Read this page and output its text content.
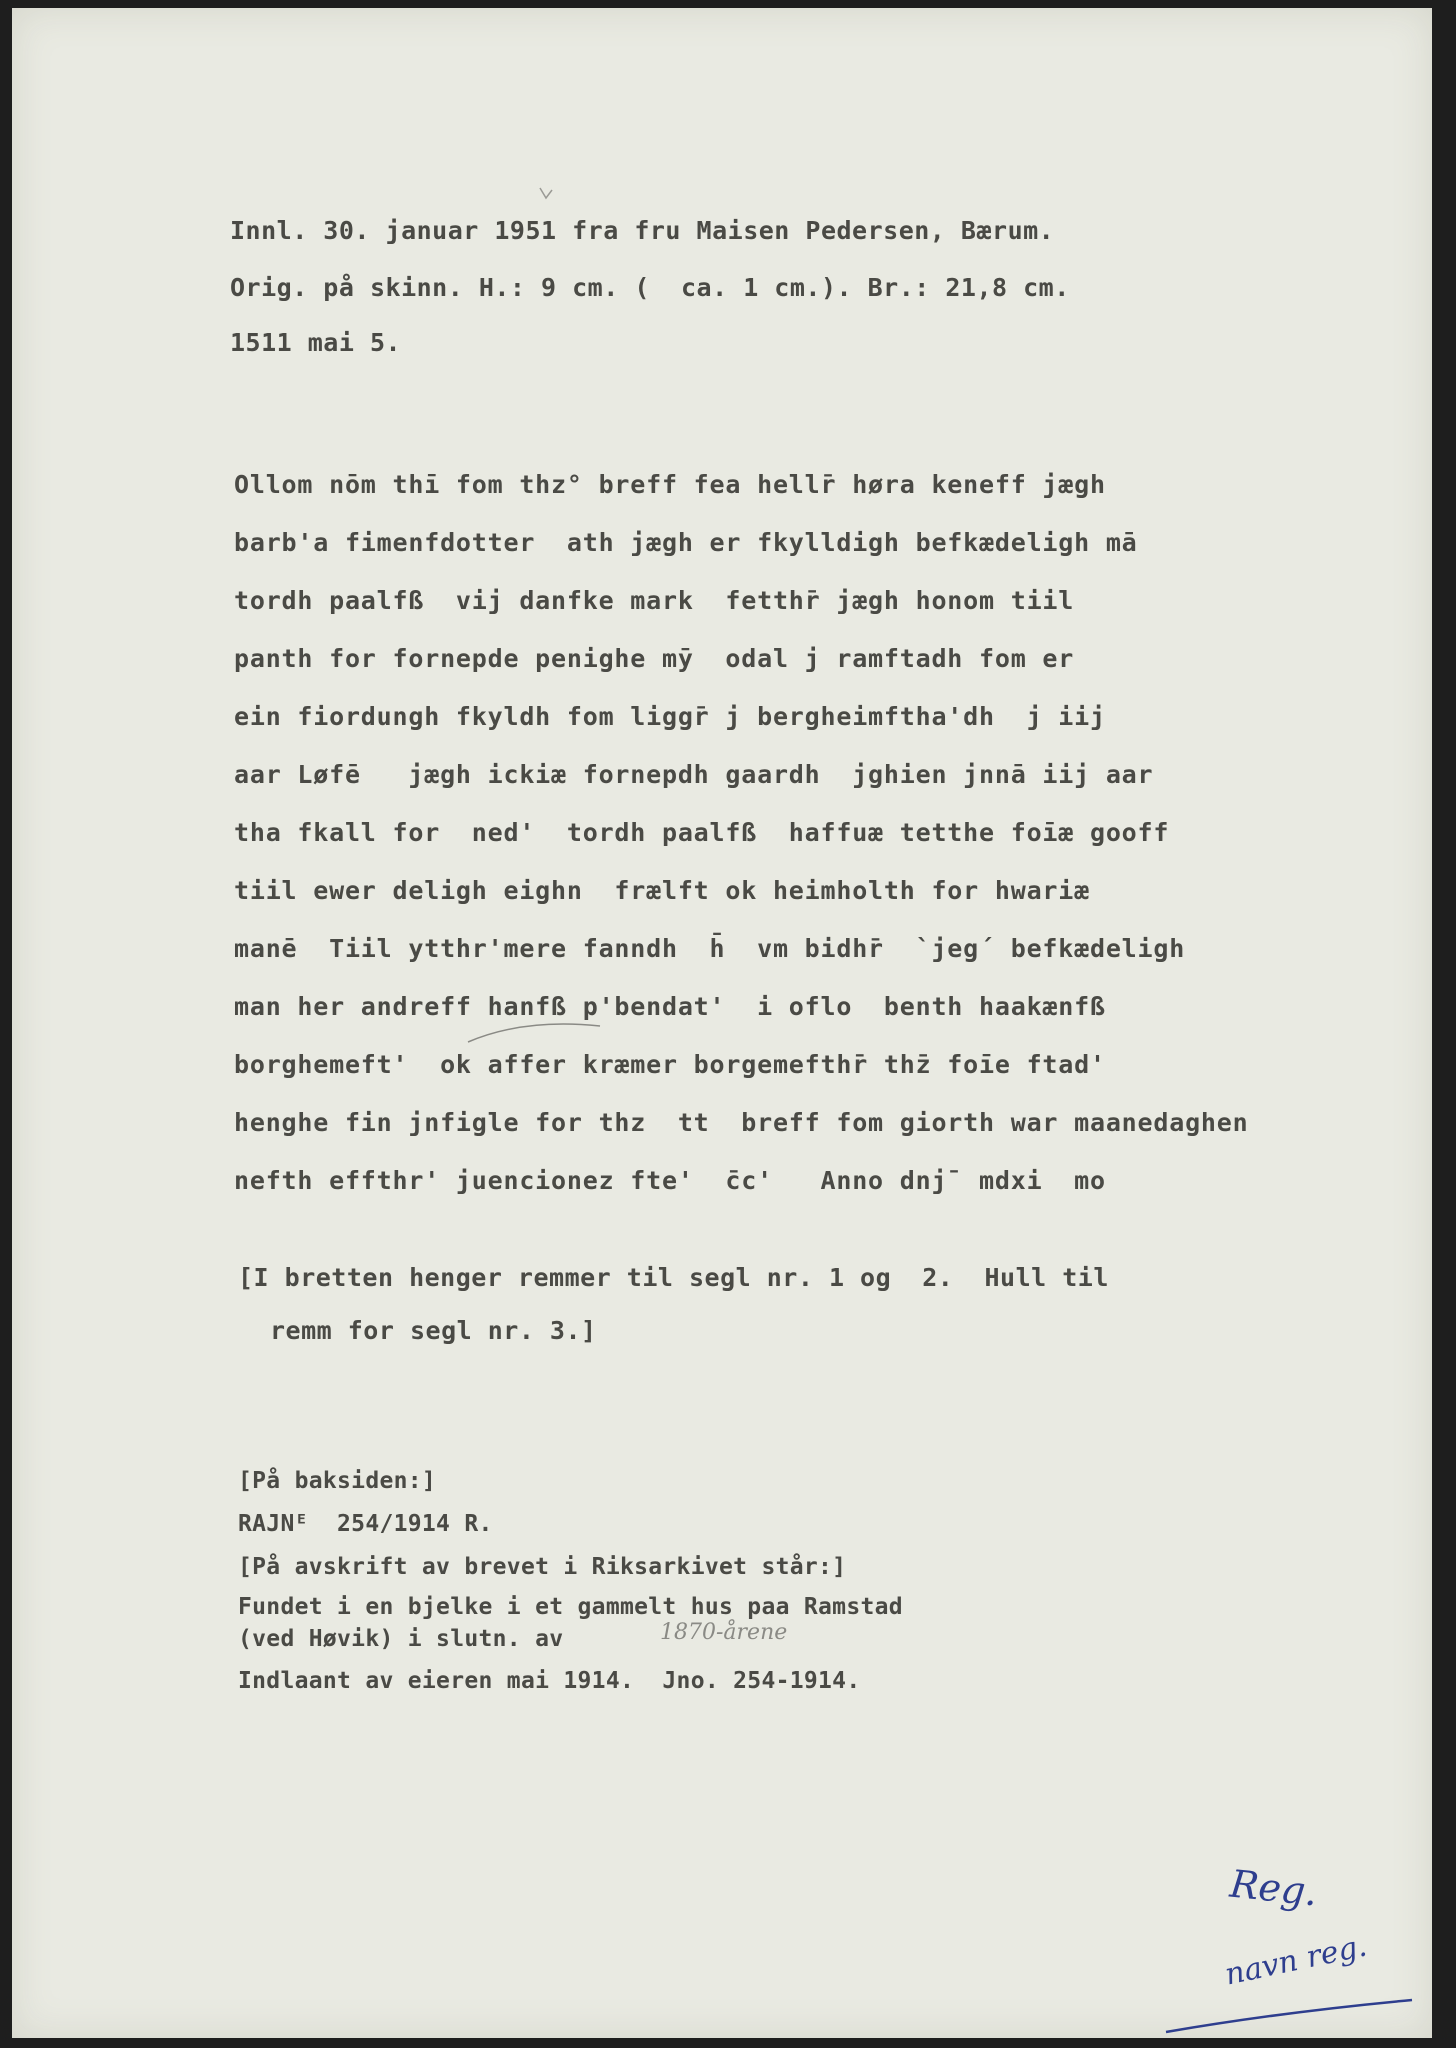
Innl. 30. januar 1951 fra fru Maisen Pedersen, Bærum.
Orig. på skinn. H.: 9 cm. (  ca. 1 cm.). Br.: 21,8 cm.
1511 mai 5.
Ollom nōm thī fom thz° breff fea hellr̄ høra keneff jægh
barb'a fimenfdotter  ath jægh er fkylldigh befkædeligh mā
tordh paalfß  vij danfke mark  fetthr̄ jægh honom tiil
panth for fornepde penighe mȳ  odal j ramftadh fom er
ein fiordungh fkyldh fom liggr̄ j bergheimftha'dh  j iij
aar Løfē   jægh ickiæ fornepdh gaardh  jghien jnnā iij aar
tha fkall for  ned'  tordh paalfß  haffuæ tetthe foīæ gooff
tiil ewer deligh eighn  frælft ok heimholth for hwariæ
manē  Tiil ytthr'mere fanndh  h̄  vm bidhr̄  `jeg´ befkædeligh
man her andreff hanfß p'bendat'  i oflo  benth haakænfß
borghemeft'  ok affer kræmer borgemefthr̄ thz̄ foīe ftad'
henghe fin jnfigle for thz  tt  breff fom giorth war maanedaghen
nefth effthr' juencionez fte'  c̄c'   Anno dnj̄  mdxi  mo
[I bretten henger remmer til segl nr. 1 og  2.  Hull til
remm for segl nr. 3.]
[På baksiden:]
RAJNᴱ  254/1914 R.
[På avskrift av brevet i Riksarkivet står:]
Fundet i en bjelke i et gammelt hus paa Ramstad
(ved Høvik) i slutn. av	1870-årene
Indlaant av eieren mai 1914.  Jno. 254-1914.
Reg.
navn reg.
